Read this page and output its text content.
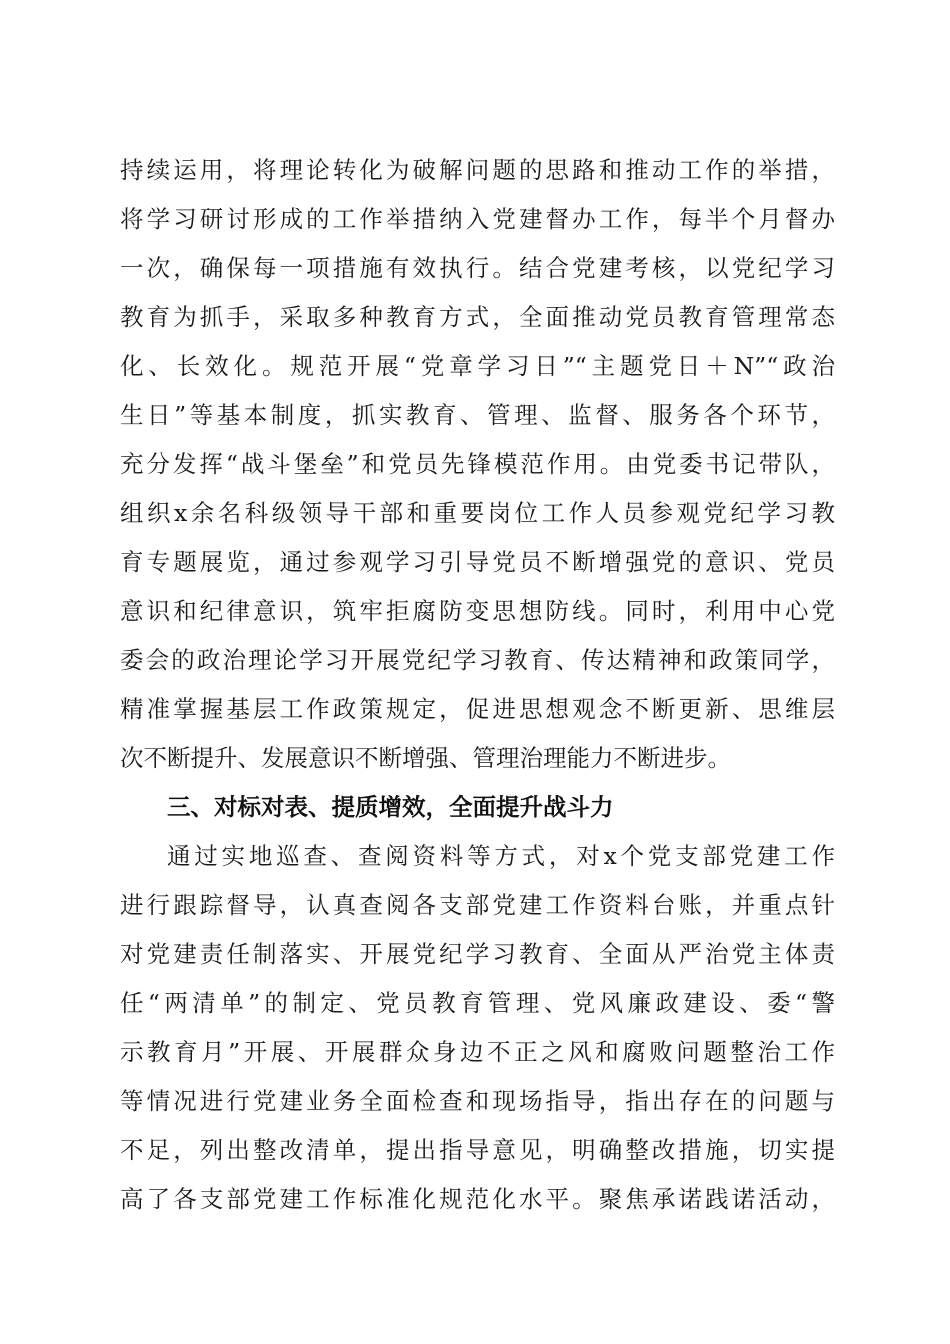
持续运用，将理论转化为破解问题的思路和推动工作的举措，
将学习研讨形成的工作举措纳入党建督办工作，每半个月督办
一次，确保每一项措施有效执行。结合党建考核，以党纪学习
教育为抓手，采取多种教育方式，全面推动党员教育管理常态
化、长效化。规范开展“党章学习日”“主题党日＋N”“政治
生日”等基本制度，抓实教育、管理、监督、服务各个环节，
充分发挥“战斗堡垒”和党员先锋模范作用。由党委书记带队，
组织x余名科级领导干部和重要岗位工作人员参观党纪学习教
育专题展览，通过参观学习引导党员不断增强党的意识、党员
意识和纪律意识，筑牢拒腐防变思想防线。同时，利用中心党
委会的政治理论学习开展党纪学习教育、传达精神和政策同学，
精准掌握基层工作政策规定，促进思想观念不断更新、思维层
次不断提升、发展意识不断增强、管理治理能力不断进步。
三、对标对表、提质增效，全面提升战斗力
通过实地巡查、查阅资料等方式，对x个党支部党建工作
进行跟踪督导，认真查阅各支部党建工作资料台账，并重点针
对党建责任制落实、开展党纪学习教育、全面从严治党主体责
任“两清单”的制定、党员教育管理、党风廉政建设、委“警
示教育月”开展、开展群众身边不正之风和腐败问题整治工作
等情况进行党建业务全面检查和现场指导，指出存在的问题与
不足，列出整改清单，提出指导意见，明确整改措施，切实提
高了各支部党建工作标准化规范化水平。聚焦承诺践诺活动，
